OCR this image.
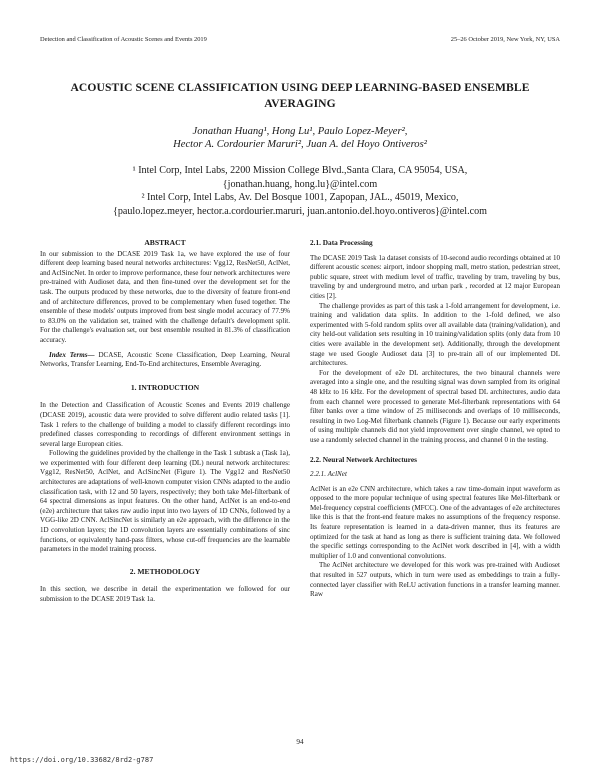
Detection and Classification of Acoustic Scenes and Events 2019	25–26 October 2019, New York, NY, USA
ACOUSTIC SCENE CLASSIFICATION USING DEEP LEARNING-BASED ENSEMBLE
AVERAGING
Jonathan Huang¹, Hong Lu¹, Paulo Lopez-Meyer²,
Hector A. Cordourier Maruri², Juan A. del Hoyo Ontiveros²
¹ Intel Corp, Intel Labs, 2200 Mission College Blvd.,Santa Clara, CA 95054, USA,
{jonathan.huang, hong.lu}@intel.com
² Intel Corp, Intel Labs, Av. Del Bosque 1001, Zapopan, JAL., 45019, Mexico,
{paulo.lopez.meyer, hector.a.cordourier.maruri, juan.antonio.del.hoyo.ontiveros}@intel.com

ABSTRACT

In our submission to the DCASE 2019 Task 1a, we have explored the use of four different deep learning based neural networks architectures: Vgg12, ResNet50, AclNet, and AclSincNet. In order to improve performance, these four network architectures were pre-trained with Audioset data, and then fine-tuned over the development set for the task. The outputs produced by these networks, due to the diversity of feature front-end and of architecture differences, proved to be complementary when fused together. The ensemble of these models' outputs improved from best single model accuracy of 77.9% to 83.0% on the validation set, trained with the challenge default's development split. For the challenge's evaluation set, our best ensemble resulted in 81.3% of classification accuracy.

Index Terms— DCASE, Acoustic Scene Classification, Deep Learning, Neural Networks, Transfer Learning, End-To-End architectures, Ensemble Averaging.

1. INTRODUCTION

In the Detection and Classification of Acoustic Scenes and Events 2019 challenge (DCASE 2019), acoustic data were provided to solve different audio related tasks [1]. Task 1 refers to the challenge of building a model to classify different recordings into predefined classes corresponding to recordings of different environment settings in several large European cities.

Following the guidelines provided by the challenge in the Task 1 subtask a (Task 1a), we experimented with four different deep learning (DL) neural network architectures: Vgg12, ResNet50, AclNet, and AclSincNet (Figure 1). The Vgg12 and ResNet50 architectures are adaptations of well-known computer vision CNNs adapted to the audio classification task, with 12 and 50 layers, respectively; they both take Mel-filterbank of 64 spectral dimensions as input features. On the other hand, AclNet is an end-to-end (e2e) architecture that takes raw audio input into two layers of 1D CNNs, followed by a VGG-like 2D CNN. AclSincNet is similarly an e2e approach, with the difference in the 1D convolution layers; the 1D convolution layers are essentially combinations of sinc functions, or equivalently hand-pass filters, whose cut-off frequencies are the learnable parameters in the model training process.

2. METHODOLOGY

In this section, we describe in detail the experimentation we followed for our submission to the DCASE 2019 Task 1a.

2.1. Data Processing

The DCASE 2019 Task 1a dataset consists of 10-second audio recordings obtained at 10 different acoustic scenes: airport, indoor shopping mall, metro station, pedestrian street, public square, street with medium level of traffic, traveling by tram, traveling by bus, traveling by and underground metro, and urban park , recorded at 12 major European cities [2].

The challenge provides as part of this task a 1-fold arrangement for development, i.e. training and validation data splits. In addition to the 1-fold defined, we also experimented with 5-fold random splits over all available data (training/validation), and city held-out validation sets resulting in 10 training/validation splits (only data from 10 cities were available in the development set). Additionally, through the development stage we used Google Audioset data [3] to pre-train all of our implemented DL architectures.

For the development of e2e DL architectures, the two binaural channels were averaged into a single one, and the resulting signal was down sampled from its original 48 kHz to 16 kHz. For the development of spectral based DL architectures, audio data from each channel were processed to generate Mel-filterbank representations with 64 filter banks over a time window of 25 milliseconds and overlaps of 10 milliseconds, resulting in two Log-Mel filterbank channels (Figure 1). Because our early experiments of using multiple channels did not yield improvement over single channel, we opted to use a randomly selected channel in the training process, and channel 0 in the testing.

2.2. Neural Network Architectures

2.2.1. AclNet

AclNet is an e2e CNN architecture, which takes a raw time-domain input waveform as opposed to the more popular technique of using spectral features like Mel-filterbank or Mel-frequency cepstral coefficients (MFCC). One of the advantages of e2e architectures like this is that the front-end feature makes no assumptions of the frequency response. Its feature representation is learned in a data-driven manner, thus its features are optimized for the task at hand as long as there is sufficient training data. We followed the specific settings corresponding to the AclNet work described in [4], with a width multiplier of 1.0 and conventional convolutions.

The AclNet architecture we developed for this work was pre-trained with Audioset that resulted in 527 outputs, which in turn were used as embeddings to train a fully-connected layer classifier with ReLU activation functions in a transfer learning manner. Raw

94
https://doi.org/10.33682/8rd2-g787
